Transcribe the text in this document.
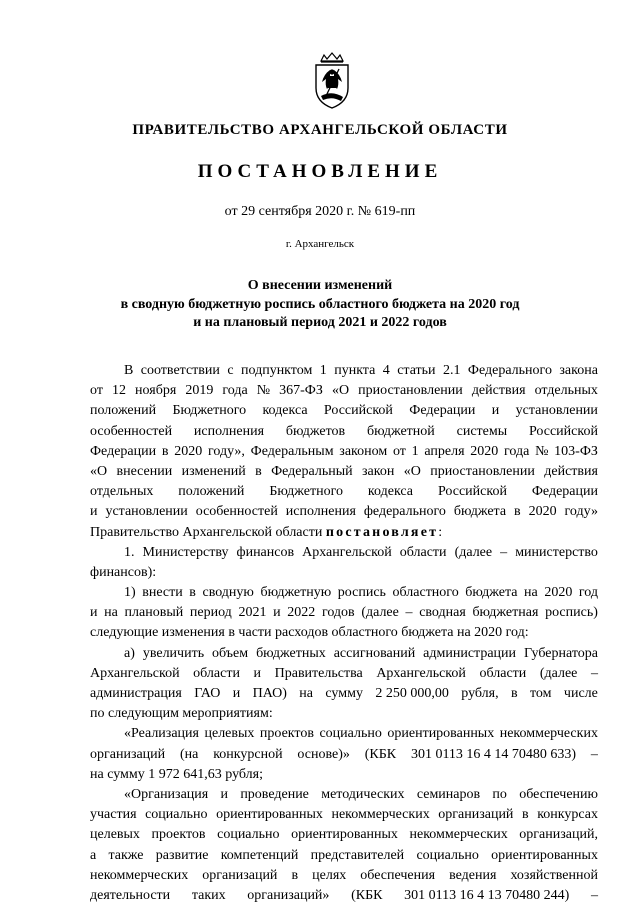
ПРАВИТЕЛЬСТВО АРХАНГЕЛЬСКОЙ ОБЛАСТИ
ПОСТАНОВЛЕНИЕ
от 29 сентября 2020 г. № 619-пп
г. Архангельск
О внесении изменений
в сводную бюджетную роспись областного бюджета на 2020 год
и на плановый период 2021 и 2022 годов
В соответствии с подпунктом 1 пункта 4 статьи 2.1 Федерального закона
от 12 ноября 2019 года № 367-ФЗ «О приостановлении действия отдельных
положений Бюджетного кодекса Российской Федерации и установлении
особенностей исполнения бюджетов бюджетной системы Российской
Федерации в 2020 году», Федеральным законом от 1 апреля 2020 года № 103-ФЗ
«О внесении изменений в Федеральный закон «О приостановлении действия
отдельных положений Бюджетного кодекса Российской Федерации
и установлении особенностей исполнения федерального бюджета в 2020 году»
Правительство Архангельской области постановляет :
1. Министерству финансов Архангельской области (далее – министерство
финансов):
1) внести в сводную бюджетную роспись областного бюджета на 2020 год
и на плановый период 2021 и 2022 годов (далее – сводная бюджетная роспись)
следующие изменения в части расходов областного бюджета на 2020 год:
а) увеличить объем бюджетных ассигнований администрации Губернатора
Архангельской области и Правительства Архангельской области (далее –
администрация ГАО и ПАО) на сумму 2 250 000,00 рубля, в том числе
по следующим мероприятиям:
«Реализация целевых проектов социально ориентированных некоммерческих
организаций (на конкурсной основе)» (КБК 301 0113 16 4 14 70480 633) –
на сумму 1 972 641,63 рубля;
«Организация и проведение методических семинаров по обеспечению
участия социально ориентированных некоммерческих организаций в конкурсах
целевых проектов социально ориентированных некоммерческих организаций,
а также развитие компетенций представителей социально ориентированных
некоммерческих организаций в целях обеспечения ведения хозяйственной
деятельности таких организаций» (КБК 301 0113 16 4 13 70480 244) –
